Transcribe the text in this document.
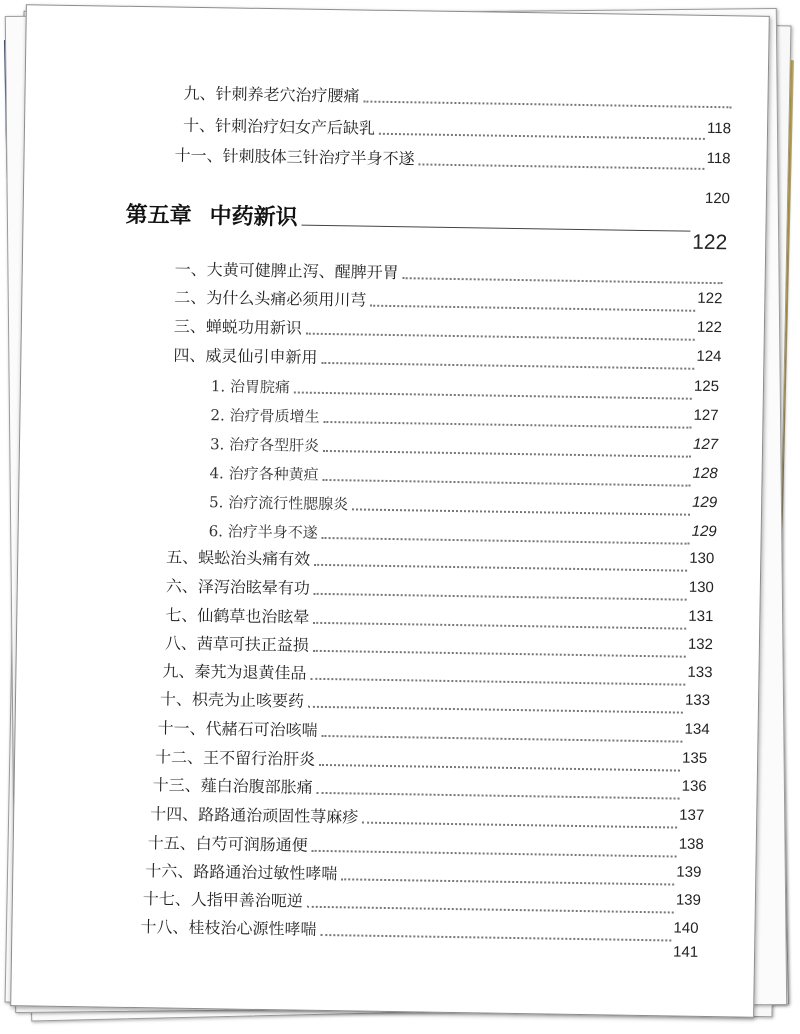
九、针刺养老穴治疗腰痛
十、针刺治疗妇女产后缺乳	118
十一、针刺肢体三针治疗半身不遂	118
120
第五章 中药新识
122
一、大黄可健脾止泻、醒脾开胃
二、为什么头痛必须用川芎	122
三、蝉蜕功用新识	122
四、威灵仙引申新用	124
1. 治胃脘痛	125
2. 治疗骨质增生	127
3. 治疗各型肝炎	127
4. 治疗各种黄疸	128
5. 治疗流行性腮腺炎	129
6. 治疗半身不遂	129
五、蜈蚣治头痛有效	130
六、泽泻治眩晕有功	130
七、仙鹤草也治眩晕	131
八、茜草可扶正益损	132
九、秦艽为退黄佳品	133
十、枳壳为止咳要药	133
十一、代赭石可治咳喘	134
十二、王不留行治肝炎	135
十三、薤白治腹部胀痛	136
十四、路路通治顽固性荨麻疹	137
十五、白芍可润肠通便	138
十六、路路通治过敏性哮喘	139
十七、人指甲善治呃逆	139
十八、桂枝治心源性哮喘	140
141
